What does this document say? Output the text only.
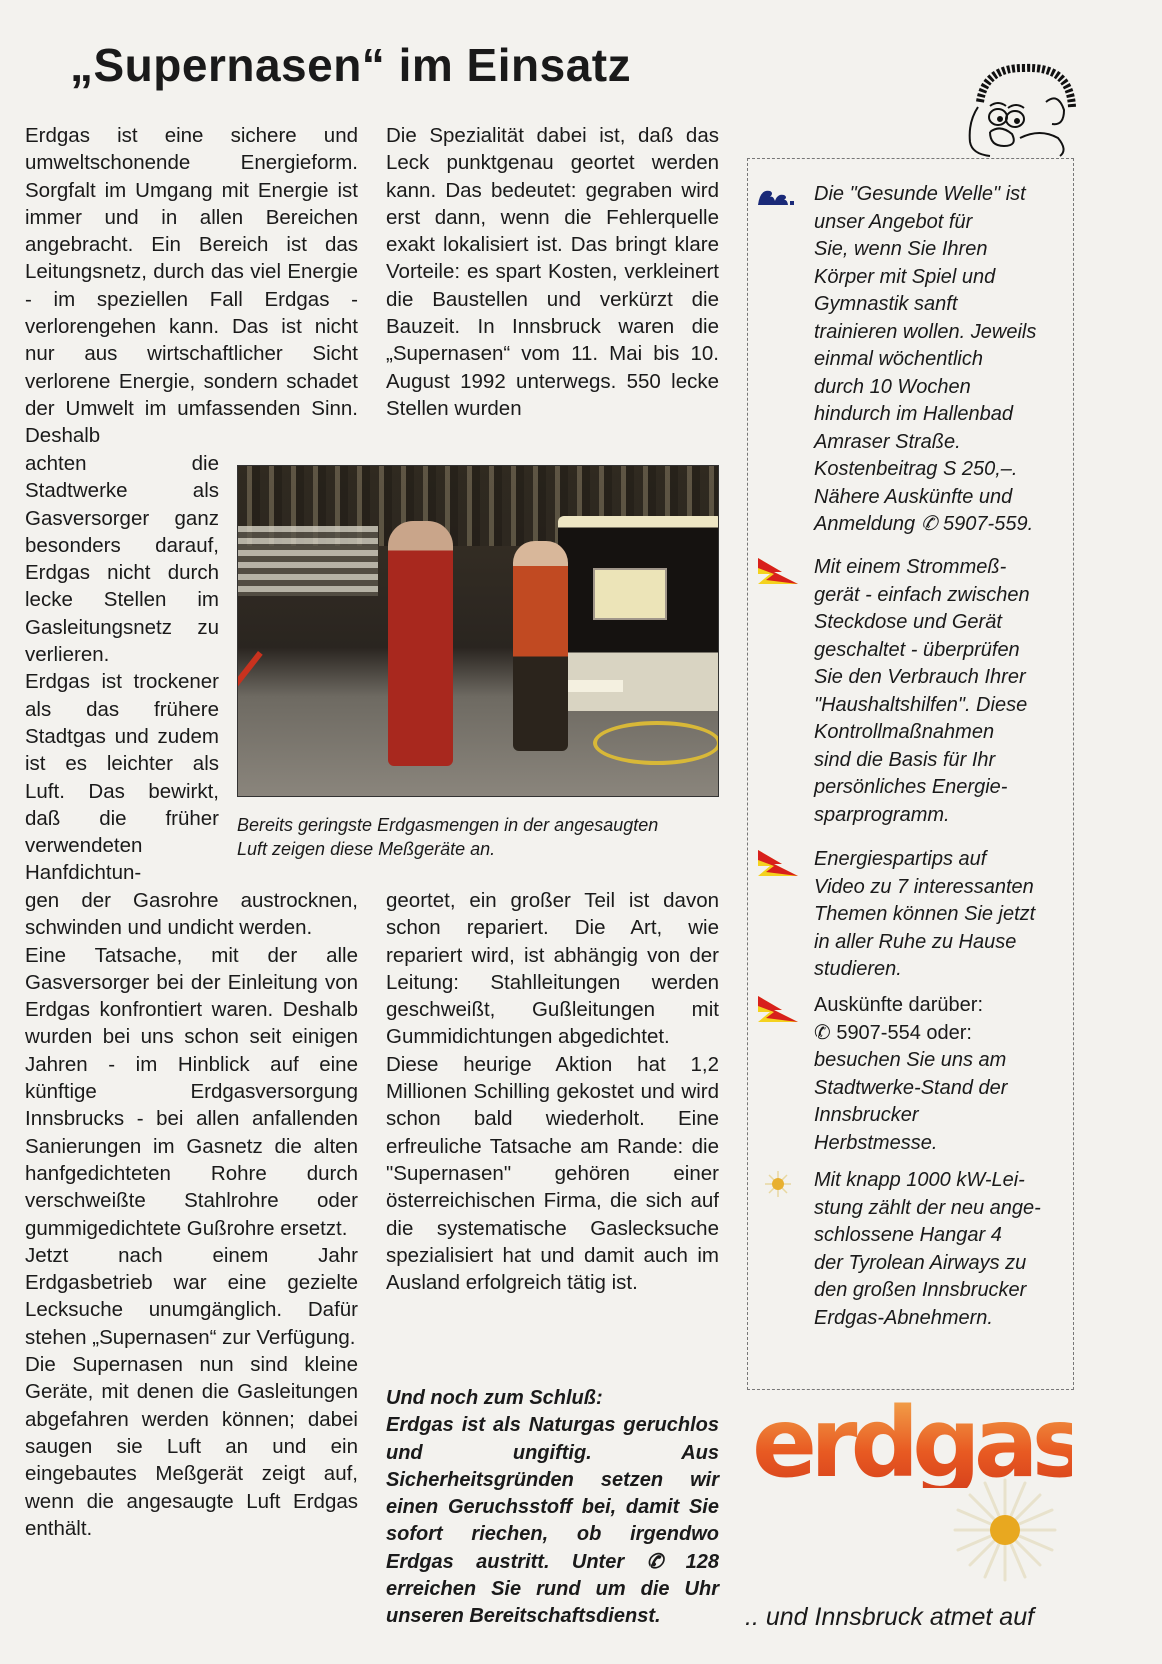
„Supernasen“ im Einsatz

Erdgas ist eine sichere und umweltschonende Energieform. Sorgfalt im Umgang mit Energie ist immer und in allen Bereichen angebracht. Ein Bereich ist das Leitungsnetz, durch das viel Energie - im speziellen Fall Erdgas - verlorengehen kann. Das ist nicht nur aus wirtschaftlicher Sicht verlorene Energie, sondern schadet der Umwelt im umfassenden Sinn. Deshalb

achten die Stadtwerke als Gasversorger ganz besonders darauf, Erdgas nicht durch lecke Stellen im Gasleitungsnetz zu verlieren.

Erdgas ist trockener als das frühere Stadtgas und zudem ist es leichter als Luft. Das bewirkt, daß die früher verwendeten Hanfdichtun-

gen der Gasrohre austrocknen, schwinden und undicht werden.

Eine Tatsache, mit der alle Gasversorger bei der Einleitung von Erdgas konfrontiert waren. Deshalb wurden bei uns schon seit einigen Jahren - im Hinblick auf eine künftige Erdgasversorgung Innsbrucks - bei allen anfallenden Sanierungen im Gasnetz die alten hanfgedichteten Rohre durch verschweißte Stahlrohre oder gummigedichtete Gußrohre ersetzt.

Jetzt nach einem Jahr Erdgasbetrieb war eine gezielte Lecksuche unumgänglich. Dafür stehen „Supernasen“ zur Verfügung.

Die Supernasen nun sind kleine Geräte, mit denen die Gasleitungen abgefahren werden können; dabei saugen sie Luft an und ein eingebautes Meßgerät zeigt auf, wenn die angesaugte Luft Erdgas enthält.

Die Spezialität dabei ist, daß das Leck punktgenau geortet werden kann. Das bedeutet: gegraben wird erst dann, wenn die Fehlerquelle exakt lokalisiert ist. Das bringt klare Vorteile: es spart Kosten, verkleinert die Baustellen und verkürzt die Bauzeit. In Innsbruck waren die „Supernasen“ vom 11. Mai bis 10. August 1992 unterwegs. 550 lecke Stellen wurden

Bereits geringste Erdgasmengen in der angesaugten

Luft zeigen diese Meßgeräte an.

geortet, ein großer Teil ist davon schon repariert. Die Art, wie repariert wird, ist abhängig von der Leitung: Stahlleitungen werden geschweißt, Gußleitungen mit Gummidichtungen abgedichtet.

Diese heurige Aktion hat 1,2 Millionen Schilling gekostet und wird schon bald wiederholt. Eine erfreuliche Tatsache am Rande: die "Supernasen" gehören einer österreichischen Firma, die sich auf die systematische Gaslecksuche spezialisiert hat und damit auch im Ausland erfolgreich tätig ist.

Und noch zum Schluß:

Erdgas ist als Naturgas geruchlos und ungiftig. Aus Sicherheitsgründen setzen wir einen Geruchsstoff bei, damit Sie sofort riechen, ob irgendwo Erdgas austritt. Unter ✆ 128 erreichen Sie rund um die Uhr unseren Bereitschaftsdienst.

Die "Gesunde Welle" ist

unser Angebot für

Sie, wenn Sie Ihren

Körper mit Spiel und

Gymnastik sanft

trainieren wollen. Jeweils

einmal wöchentlich

durch 10 Wochen

hindurch im Hallenbad

Amraser Straße.

Kostenbeitrag S 250,–.

Nähere Auskünfte und

Anmeldung ✆ 5907-559.

Mit einem Strommeß-

gerät - einfach zwischen

Steckdose und Gerät

geschaltet - überprüfen

Sie den Verbrauch Ihrer

"Haushaltshilfen". Diese

Kontrollmaßnahmen

sind die Basis für Ihr

persönliches Energie-

sparprogramm.

Energiespartips auf

Video zu 7 interessanten

Themen können Sie jetzt

in aller Ruhe zu Hause

studieren.

Auskünfte darüber:

✆ 5907-554 oder:

besuchen Sie uns am

Stadtwerke-Stand der

Innsbrucker

Herbstmesse.

Mit knapp 1000 kW-Lei-

stung zählt der neu ange-

schlossene Hangar 4

der Tyrolean Airways zu

den großen Innsbrucker

Erdgas-Abnehmern.

erdgas
.. und Innsbruck atmet auf
